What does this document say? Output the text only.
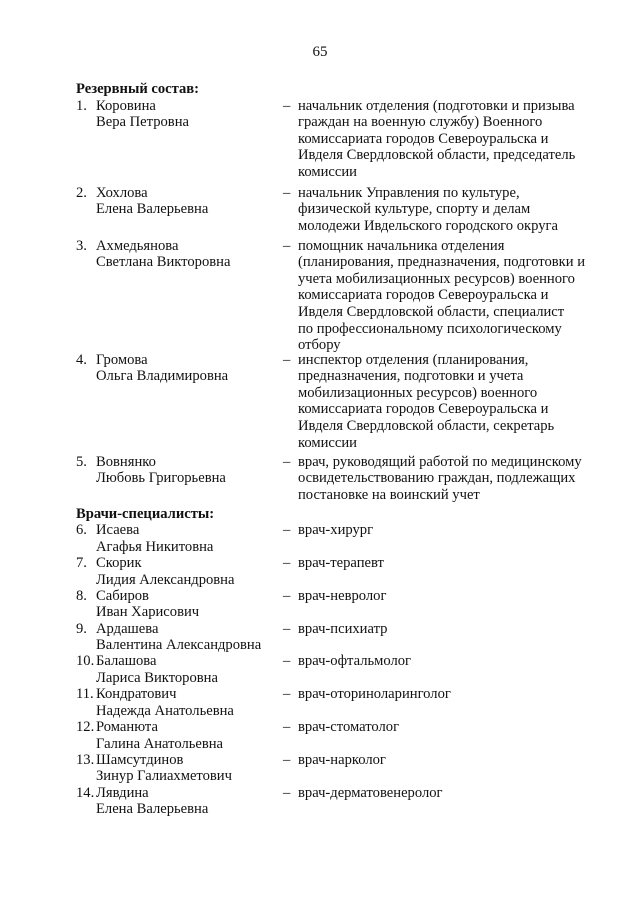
65
Резервный состав:
1. Коровина
Вера Петровна
– начальник отделения (подготовки и призыва
граждан на военную службу) Военного
комиссариата городов Североуральска и
Ивделя Свердловской области, председатель
комиссии
2. Хохлова
Елена Валерьевна
– начальник Управления по культуре,
физической культуре, спорту и делам
молодежи Ивдельского городского округа
3. Ахмедьянова
Светлана Викторовна
– помощник начальника отделения
(планирования, предназначения, подготовки и
учета мобилизационных ресурсов) военного
комиссариата городов Североуральска и
Ивделя Свердловской области, специалист
по профессиональному психологическому
отбору
4. Громова
Ольга Владимировна
– инспектор отделения (планирования,
предназначения, подготовки и учета
мобилизационных ресурсов) военного
комиссариата городов Североуральска и
Ивделя Свердловской области, секретарь
комиссии
5. Вовнянко
Любовь Григорьевна
– врач, руководящий работой по медицинскому
освидетельствованию граждан, подлежащих
постановке на воинский учет
Врачи-специалисты:
6. Исаева
Агафья Никитовна
– врач-хирург
7. Скорик
Лидия Александровна
– врач-терапевт
8. Сабиров
Иван Харисович
– врач-невролог
9. Ардашева
Валентина Александровна
– врач-психиатр
10. Балашова
Лариса Викторовна
– врач-офтальмолог
11. Кондратович
Надежда Анатольевна
– врач-оториноларинголог
12. Романюта
Галина Анатольевна
– врач-стоматолог
13. Шамсутдинов
Зинур Галиахметович
– врач-нарколог
14. Лявдина
Елена Валерьевна
– врач-дерматовенеролог
